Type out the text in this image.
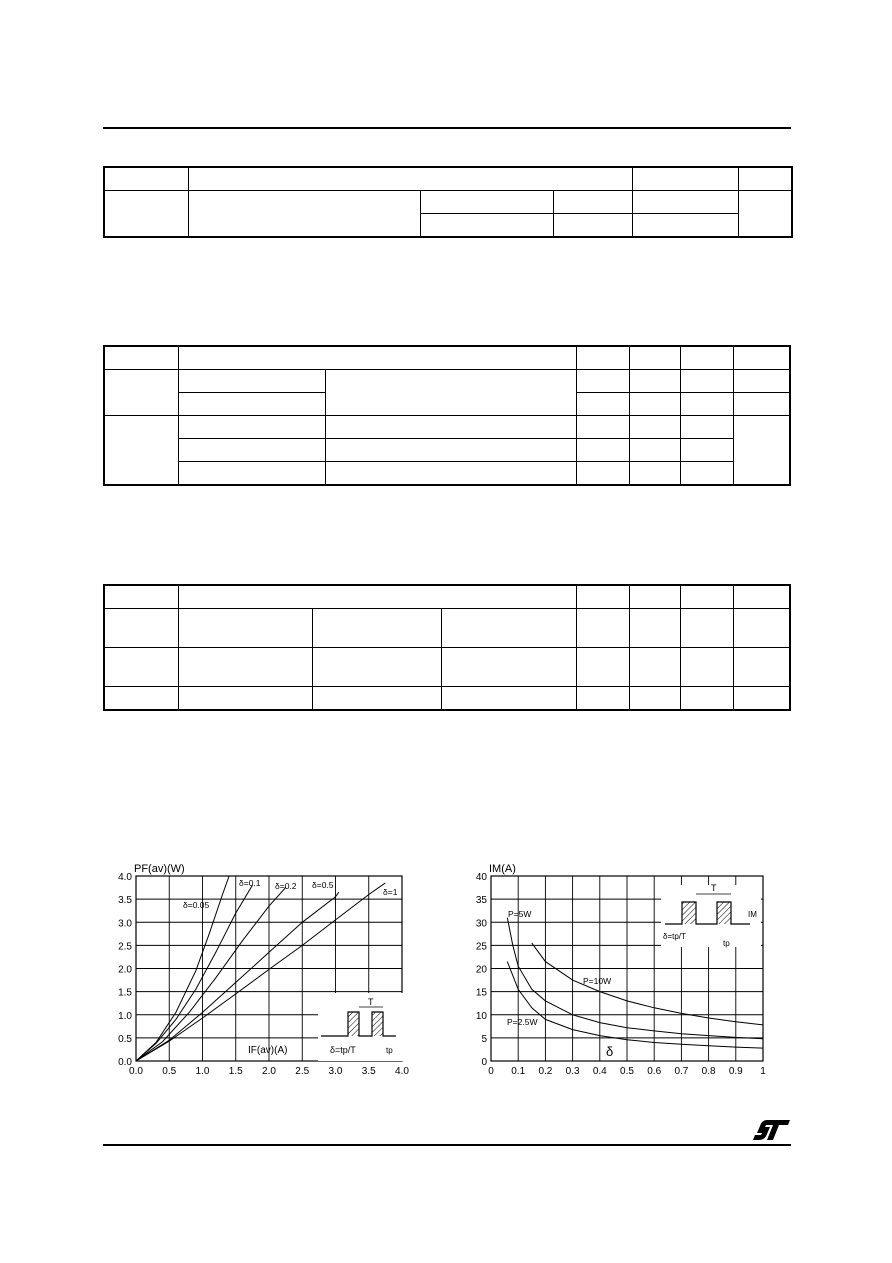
δ=0.05
δ=0.1 δ=0.2 δ=0.5
δ=1
0.0 0.5 1.0 1.5 2.0 2.5 3.0 3.5 4.0
0.0
0.5
1.0
1.5
2.0
2.5
3.0
3.5
4.0
PF(av)(W)
IF(av)(A)
T
δ=tp/T	tp
P=10W
P=5W
P=2.5W
0 0.1 0.2 0.3 0.4 0.5 0.6 0.7 0.8 0.9 1
0
5
10
15
20
25
30
35
40
IM(A)
δ
T
IM
δ=tp/T
tp
